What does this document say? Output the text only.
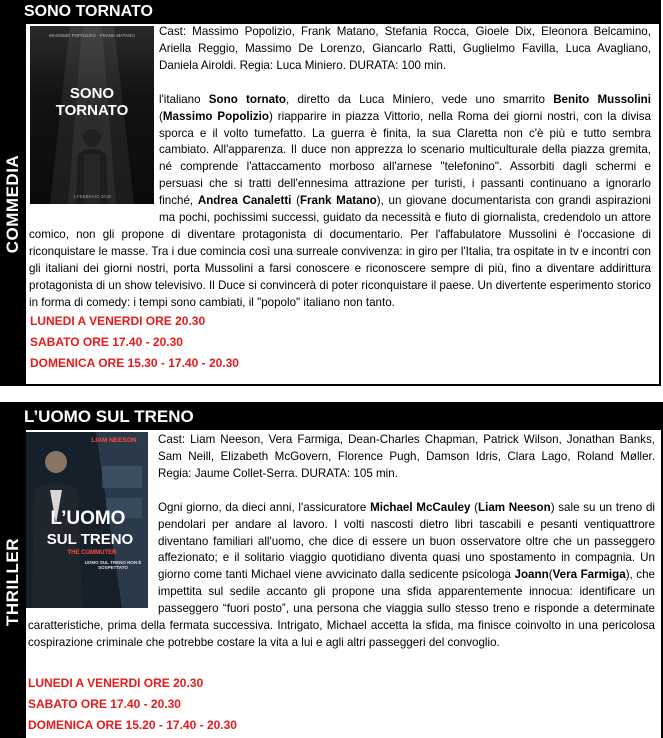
COMMEDIA
SONO TORNATO
MASSIMO POPOLIZIO · FRANK MATANO
SONO
TORNATO
1 FEBBRAIO 2018

Cast: Massimo Popolizio, Frank Matano, Stefania Rocca, Gioele Dix, Eleonora Belcamino, Ariella Reggio, Massimo De Lorenzo, Giancarlo Ratti, Guglielmo Favilla, Luca Avagliano, Daniela Airoldi. Regia: Luca Miniero. DURATA: 100 min.

l'italiano Sono tornato, diretto da Luca Miniero, vede uno smarrito Benito Mussolini (Massimo Popolizio) riapparire in piazza Vittorio, nella Roma dei giorni nostri, con la divisa sporca e il volto tumefatto. La guerra è finita, la sua Claretta non c'è più e tutto sembra cambiato. All'apparenza. Il duce non apprezza lo scenario multiculturale della piazza gremita, né comprende l'attaccamento morboso all'arnese "telefonino". Assorbiti dagli schermi e persuasi che si tratti dell'ennesima attrazione per turisti, i passanti continuano a ignorarlo finché, Andrea Canaletti (Frank Matano), un giovane documentarista con grandi aspirazioni ma pochi, pochissimi successi, guidato da necessità e fiuto di giornalista, credendolo un attore comico, non gli propone di diventare protagonista di documentario. Per l'affabulatore Mussolini è l'occasione di riconquistare le masse. Tra i due comincia così una surreale convivenza: in giro per l'Italia, tra ospitate in tv e incontri con gli italiani dei giorni nostri, porta Mussolini a farsi conoscere e riconoscere sempre di più, fino a diventare addirittura protagonista di un show televisivo. Il Duce si convincerà di poter riconquistare il paese. Un divertente esperimento storico in forma di comedy: i tempi sono cambiati, il "popolo" italiano non tanto.

LUNEDI A VENERDI ORE 20.30
SABATO ORE 17.40 - 20.30
DOMENICA ORE 15.30 - 17.40 - 20.30
THRILLER
L’UOMO SUL TRENO
LIAM NEESON
L’UOMO
SUL TRENO
THE COMMUTER
UOMO SUL TRENO NON È SOSPETTATO

Cast: Liam Neeson, Vera Farmiga, Dean-Charles Chapman, Patrick Wilson, Jonathan Banks, Sam Neill, Elizabeth McGovern, Florence Pugh, Damson Idris, Clara Lago, Roland Møller. Regia: Jaume Collet-Serra. DURATA: 105 min.

Ogni giorno, da dieci anni, l'assicuratore Michael McCauley (Liam Neeson) sale su un treno di pendolari per andare al lavoro. I volti nascosti dietro libri tascabili e pesanti ventiquattrore diventano familiari all'uomo, che dice di essere un buon osservatore oltre che un passeggero affezionato; e il solitario viaggio quotidiano diventa quasi uno spostamento in compagnia. Un giorno come tanti Michael viene avvicinato dalla sedicente psicologa Joann(Vera Farmiga), che impettita sul sedile accanto gli propone una sfida apparentemente innocua: identificare un passeggero “fuori posto”, una persona che viaggia sullo stesso treno e risponde a determinate caratteristiche, prima della fermata successiva. Intrigato, Michael accetta la sfida, ma finisce coinvolto in una pericolosa cospirazione criminale che potrebbe costare la vita a lui e agli altri passeggeri del convoglio.

LUNEDI A VENERDI ORE 20.30
SABATO ORE 17.40 - 20.30
DOMENICA ORE 15.20 - 17.40 - 20.30
